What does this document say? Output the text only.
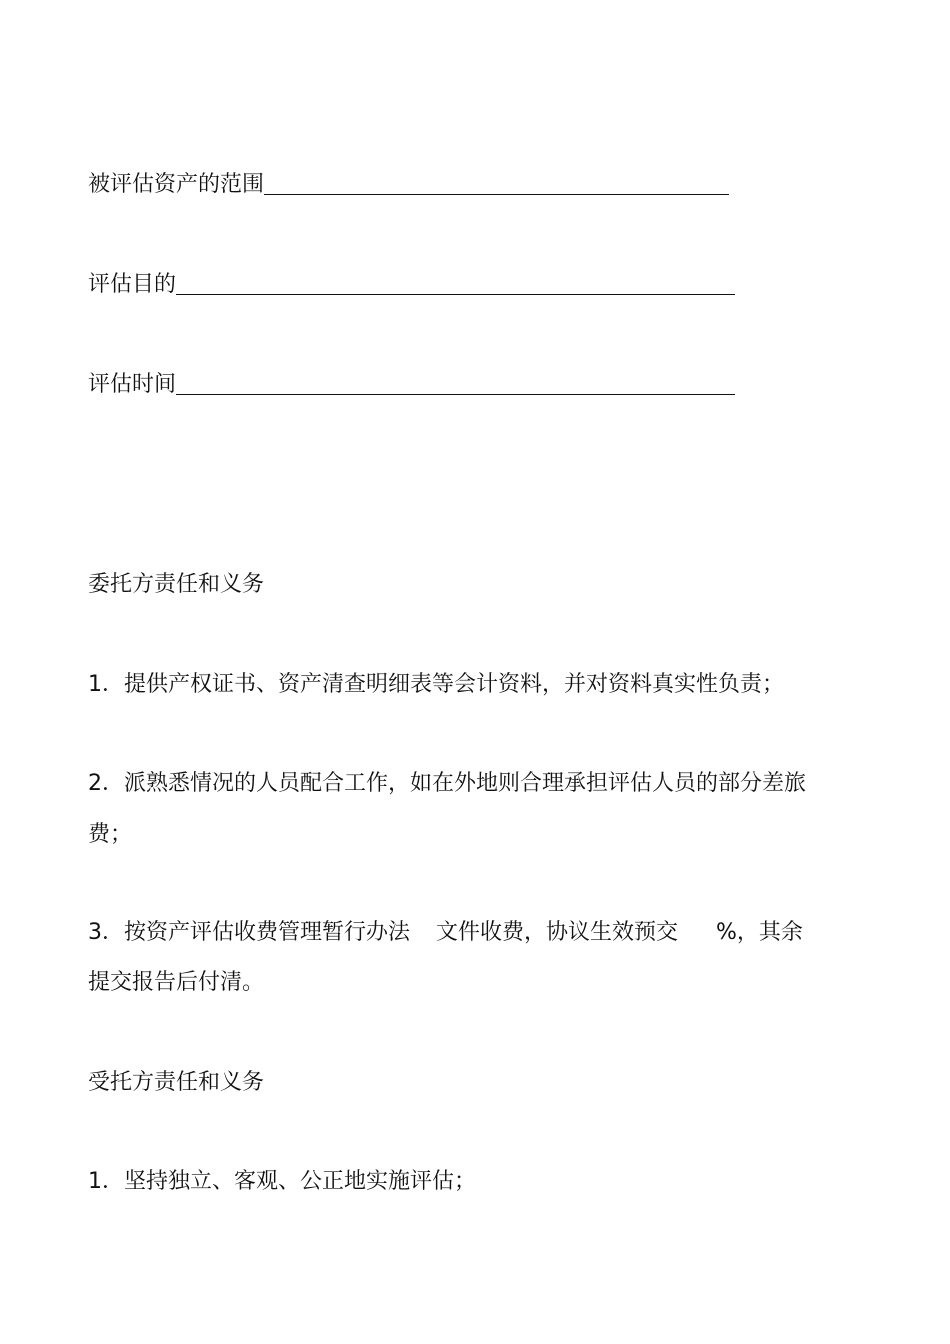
被评估资产的范围
评估目的
评估时间
委托方责任和义务
1．提供产权证书、资产清查明细表等会计资料，并对资料真实性负责；
2．派熟悉情况的人员配合工作，如在外地则合理承担评估人员的部分差旅
费；
3．按资产评估收费管理暂行办法 文件收费，协议生效预交 %，其余
提交报告后付清。
受托方责任和义务
1．坚持独立、客观、公正地实施评估；
